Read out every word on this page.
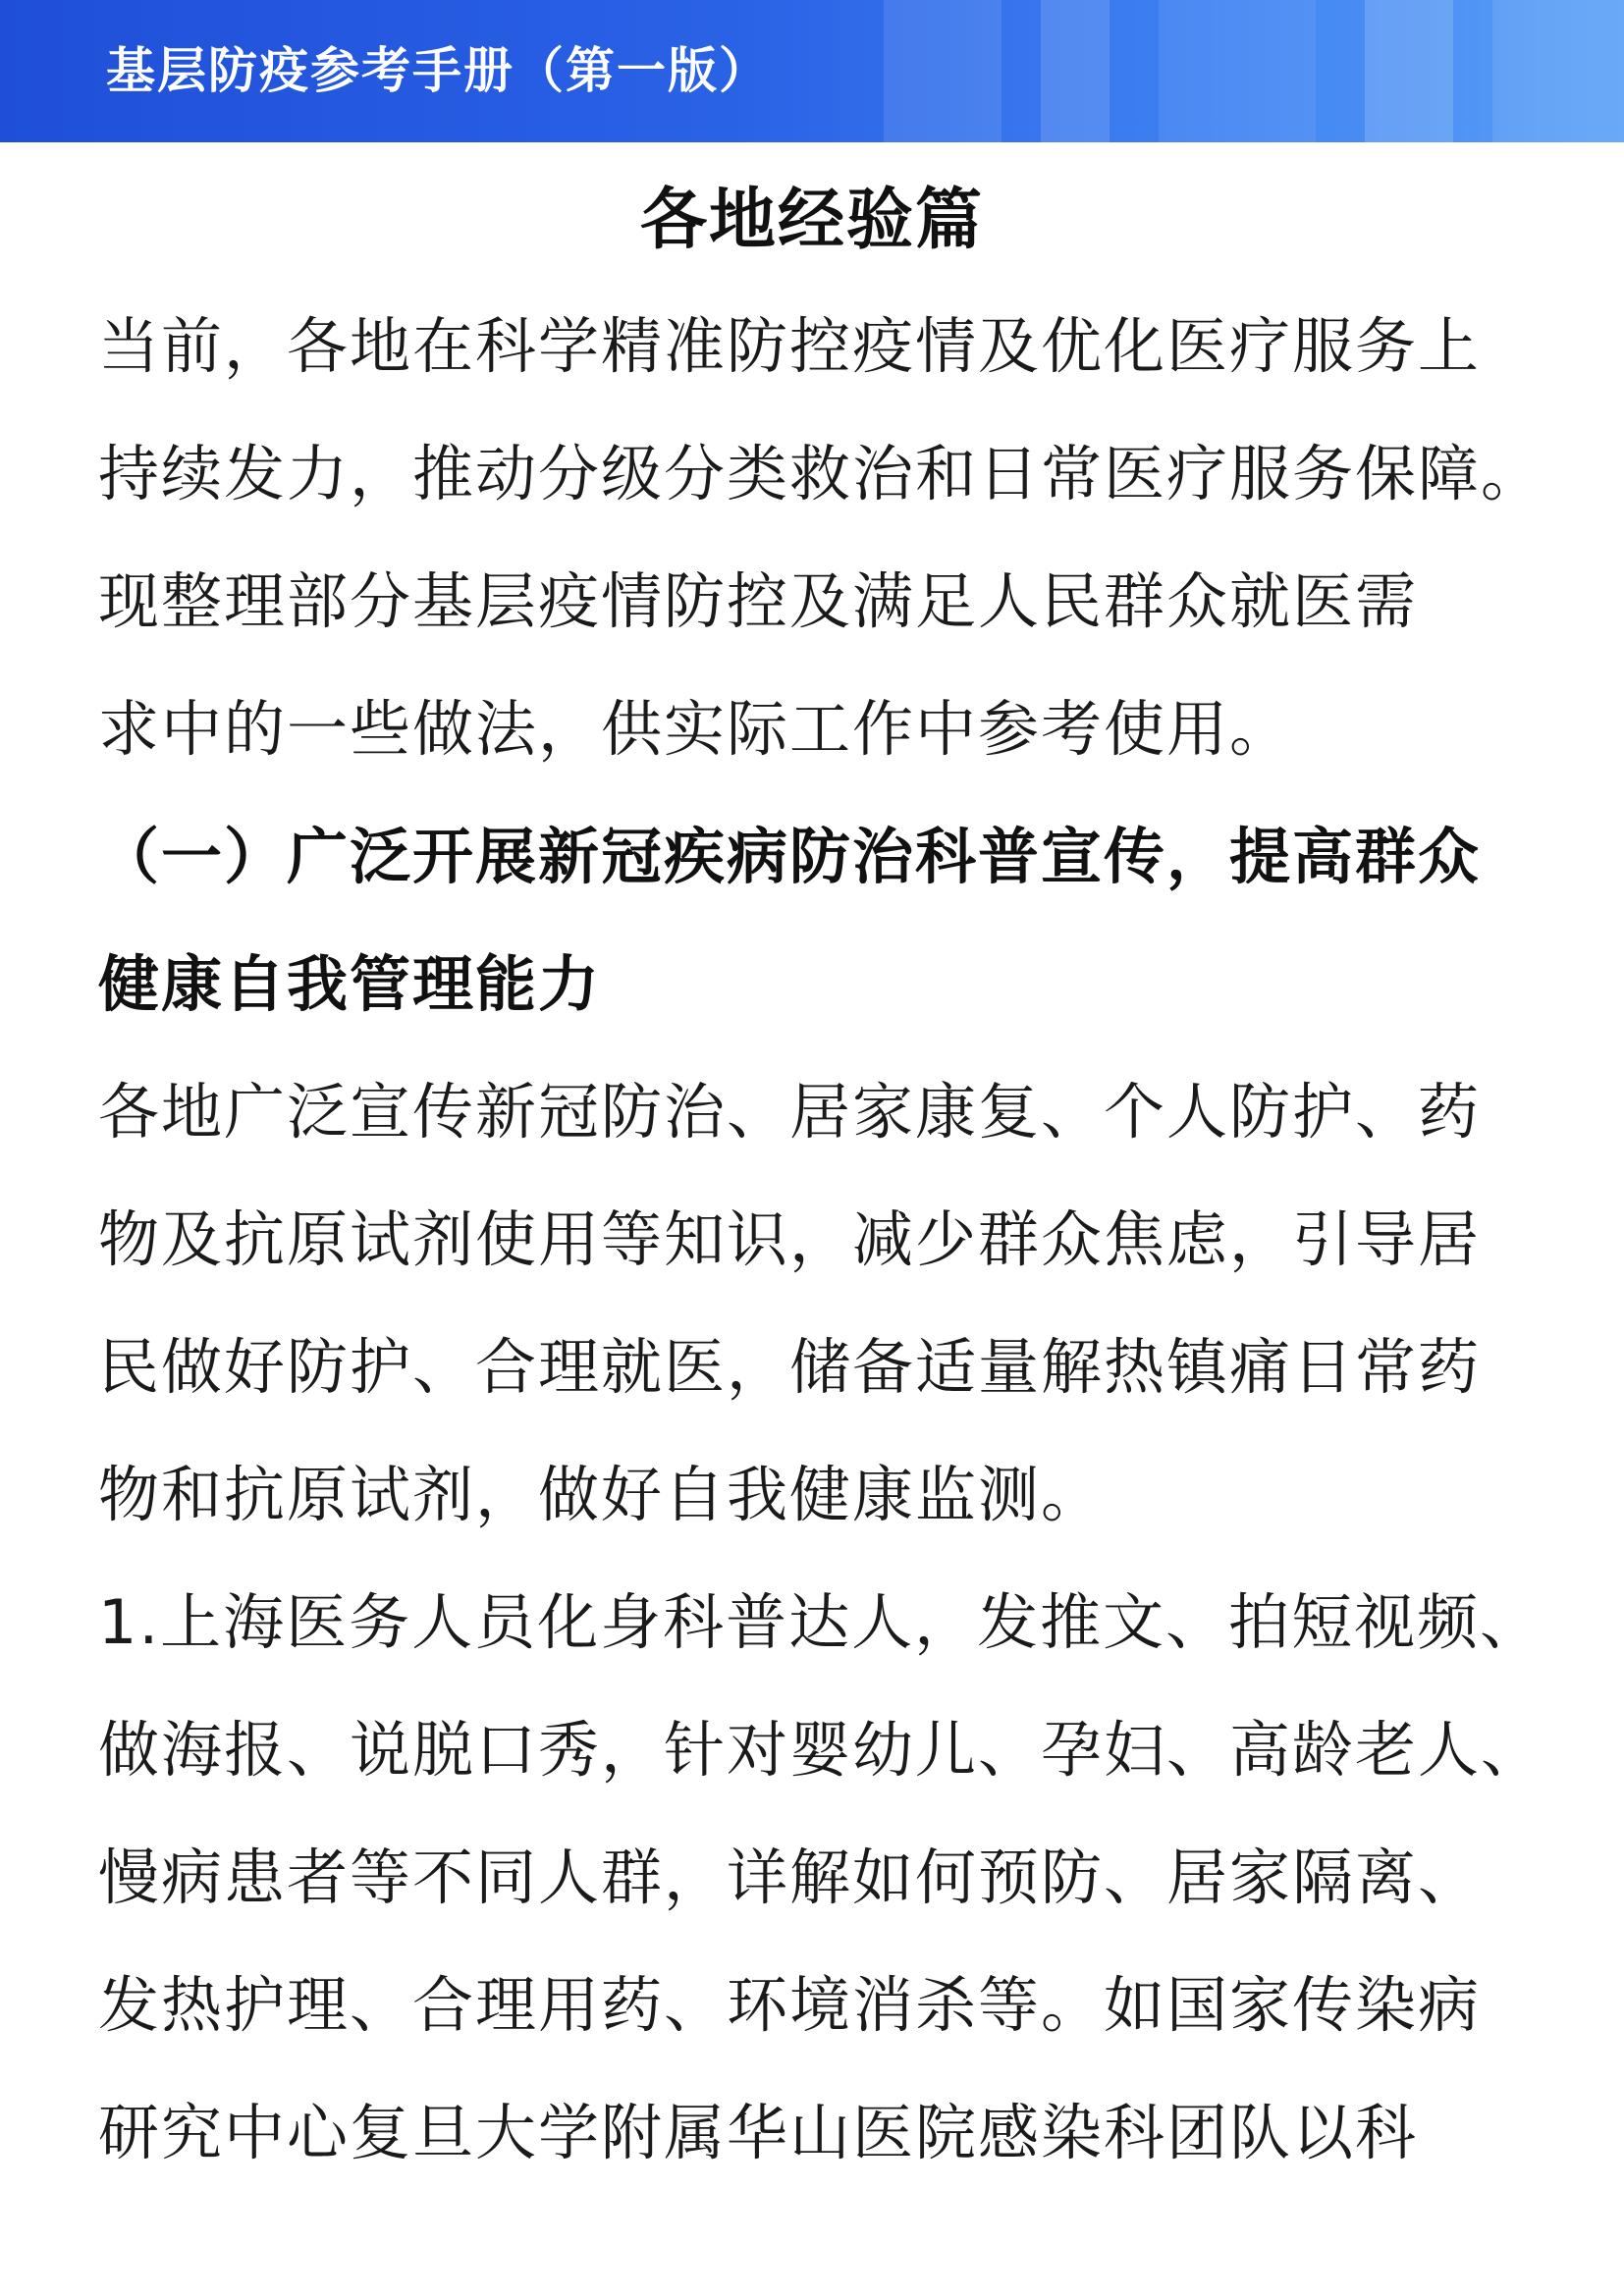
基层防疫参考手册（第一版）
各地经验篇
当前，各地在科学精准防控疫情及优化医疗服务上
持续发力，推动分级分类救治和日常医疗服务保障。
现整理部分基层疫情防控及满足人民群众就医需
求中的一些做法，供实际工作中参考使用。
（一）广泛开展新冠疾病防治科普宣传，提高群众
健康自我管理能力
各地广泛宣传新冠防治、居家康复、个人防护、药
物及抗原试剂使用等知识，减少群众焦虑，引导居
民做好防护、合理就医，储备适量解热镇痛日常药
物和抗原试剂，做好自我健康监测。
1.上海医务人员化身科普达人，发推文、拍短视频、
做海报、说脱口秀，针对婴幼儿、孕妇、高龄老人、
慢病患者等不同人群，详解如何预防、居家隔离、
发热护理、合理用药、环境消杀等。如国家传染病
研究中心复旦大学附属华山医院感染科团队以科
